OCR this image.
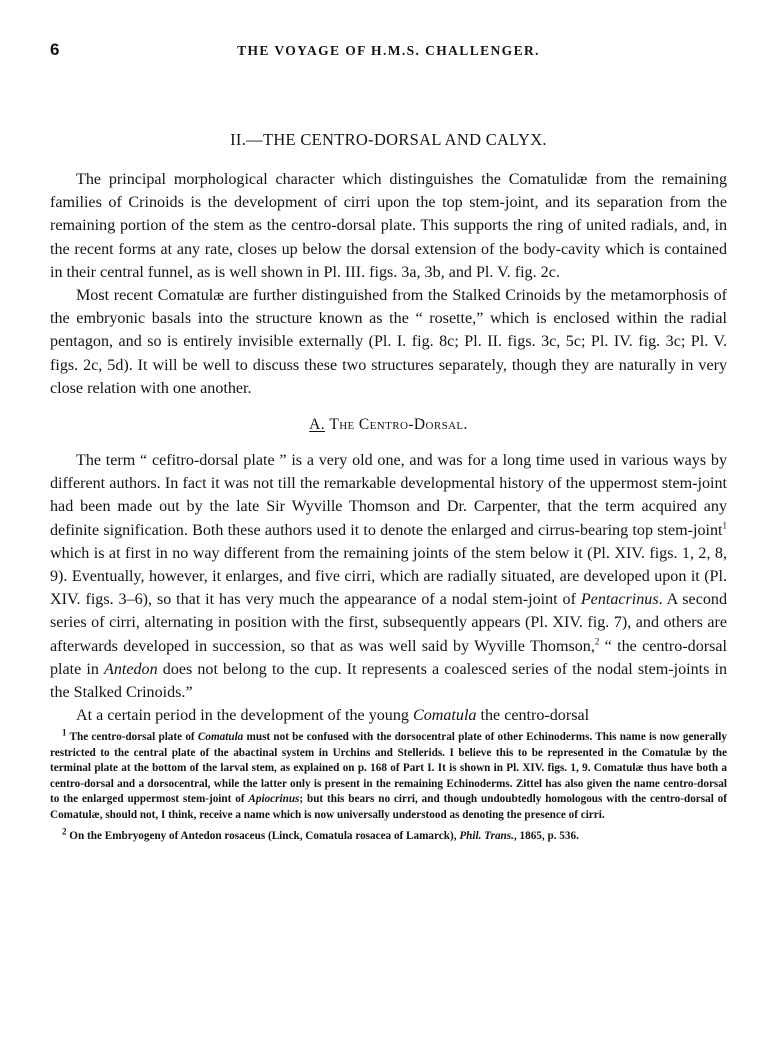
6	THE VOYAGE OF H.M.S. CHALLENGER.
II.—THE CENTRO-DORSAL AND CALYX.

The principal morphological character which distinguishes the Comatulidæ from the remaining families of Crinoids is the development of cirri upon the top stem-joint, and its separation from the remaining portion of the stem as the centro-dorsal plate. This supports the ring of united radials, and, in the recent forms at any rate, closes up below the dorsal extension of the body-cavity which is contained in their central funnel, as is well shown in Pl. III. figs. 3a, 3b, and Pl. V. fig. 2c.

Most recent Comatulæ are further distinguished from the Stalked Crinoids by the metamorphosis of the embryonic basals into the structure known as the “ rosette,” which is enclosed within the radial pentagon, and so is entirely invisible externally (Pl. I. fig. 8c; Pl. II. figs. 3c, 5c; Pl. IV. fig. 3c; Pl. V. figs. 2c, 5d). It will be well to discuss these two structures separately, though they are naturally in very close relation with one another.

A. The Centro-Dorsal.

The term “ cefitro-dorsal plate ” is a very old one, and was for a long time used in various ways by different authors. In fact it was not till the remarkable developmental history of the uppermost stem-joint had been made out by the late Sir Wyville Thomson and Dr. Carpenter, that the term acquired any definite signification. Both these authors used it to denote the enlarged and cirrus-bearing top stem-joint$^1$ which is at first in no way different from the remaining joints of the stem below it (Pl. XIV. figs. 1, 2, 8, 9). Eventually, however, it enlarges, and five cirri, which are radially situated, are developed upon it (Pl. XIV. figs. 3–6), so that it has very much the appearance of a nodal stem-joint of Pentacrinus. A second series of cirri, alternating in position with the first, subsequently appears (Pl. XIV. fig. 7), and others are afterwards developed in succession, so that as was well said by Wyville Thomson,$^2$ “ the centro-dorsal plate in Antedon does not belong to the cup. It represents a coalesced series of the nodal stem-joints in the Stalked Crinoids.”

At a certain period in the development of the young Comatula the centro-dorsal

$^1$ The centro-dorsal plate of Comatula must not be confused with the dorsocentral plate of other Echinoderms. This name is now generally restricted to the central plate of the abactinal system in Urchins and Stellerids. I believe this to be represented in the Comatulæ by the terminal plate at the bottom of the larval stem, as explained on p. 168 of Part I. It is shown in Pl. XIV. figs. 1, 9. Comatulæ thus have both a centro-dorsal and a dorsocentral, while the latter only is present in the remaining Echinoderms. Zittel has also given the name centro-dorsal to the enlarged uppermost stem-joint of Apiocrinus; but this bears no cirri, and though undoubtedly homologous with the centro-dorsal of Comatulæ, should not, I think, receive a name which is now universally understood as denoting the presence of cirri.

$^2$ On the Embryogeny of Antedon rosaceus (Linck, Comatula rosacea of Lamarck), Phil. Trans., 1865, p. 536.
